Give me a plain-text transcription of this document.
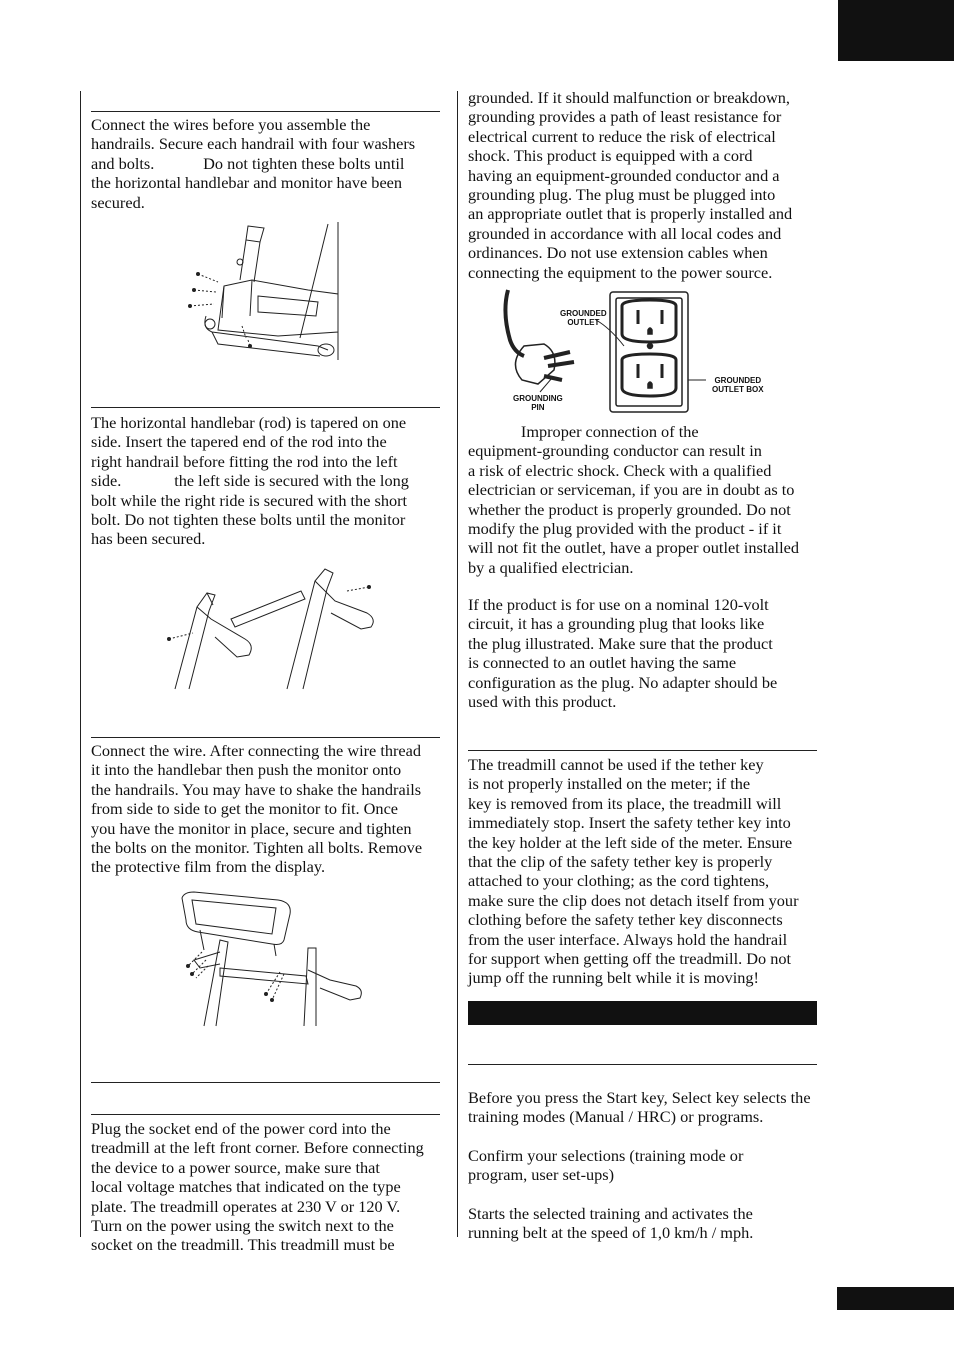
Connect the wires before you assemble the
handrails. Secure each handrail with four washers
and bolts.            Do not tighten these bolts until
the horizontal handlebar and monitor have been
secured.
The horizontal handlebar (rod) is tapered on one
side. Insert the tapered end of the rod into the
right handrail before fitting the rod into the left
side.             the left side is secured with the long
bolt while the right ride is secured with the short
bolt. Do not tighten these bolts until the monitor
has been secured.
Connect the wire. After connecting the wire thread
it into the handlebar then push the monitor onto
the handrails. You may have to shake the handrails
from side to side to get the monitor to fit. Once
you have the monitor in place, secure and tighten
the bolts on the monitor. Tighten all bolts. Remove
the protective film from the display.
Plug the socket end of the power cord into the
treadmill at the left front corner. Before connecting
the device to a power source, make sure that
local voltage matches that indicated on the type
plate. The treadmill operates at 230 V or 120 V.
Turn on the power using the switch next to the
socket on the treadmill. This treadmill must be
grounded. If it should malfunction or breakdown,
grounding provides a path of least resistance for
electrical current to reduce the risk of electrical
shock. This product is equipped with a cord
having an equipment-grounded conductor and a
grounding plug. The plug must be plugged into
an appropriate outlet that is properly installed and
grounded in accordance with all local codes and
ordinances. Do not use extension cables when
connecting the equipment to the power source.
GROUNDED
OUTLET
GROUNDING
PIN
GROUNDED
OUTLET BOX
Improper connection of the
equipment-grounding conductor can result in
a risk of electric shock. Check with a qualified
electrician or serviceman, if you are in doubt as to
whether the product is properly grounded. Do not
modify the plug provided with the product - if it
will not fit the outlet, have a proper outlet installed
by a qualified electrician.
If the product is for use on a nominal 120-volt
circuit, it has a grounding plug that looks like
the plug illustrated. Make sure that the product
is connected to an outlet having the same
configuration as the plug. No adapter should be
used with this product.
The treadmill cannot be used if the tether key
is not properly installed on the meter; if the
key is removed from its place, the treadmill will
immediately stop. Insert the safety tether key into
the key holder at the left side of the meter. Ensure
that the clip of the safety tether key is properly
attached to your clothing; as the cord tightens,
make sure the clip does not detach itself from your
clothing before the safety tether key disconnects
from the user interface. Always hold the handrail
for support when getting off the treadmill. Do not
jump off the running belt while it is moving!
Before you press the Start key, Select key selects the
training modes (Manual / HRC) or programs.
Confirm your selections (training mode or
program, user set-ups)
Starts the selected training and activates the
running belt at the speed of 1,0 km/h / mph.
